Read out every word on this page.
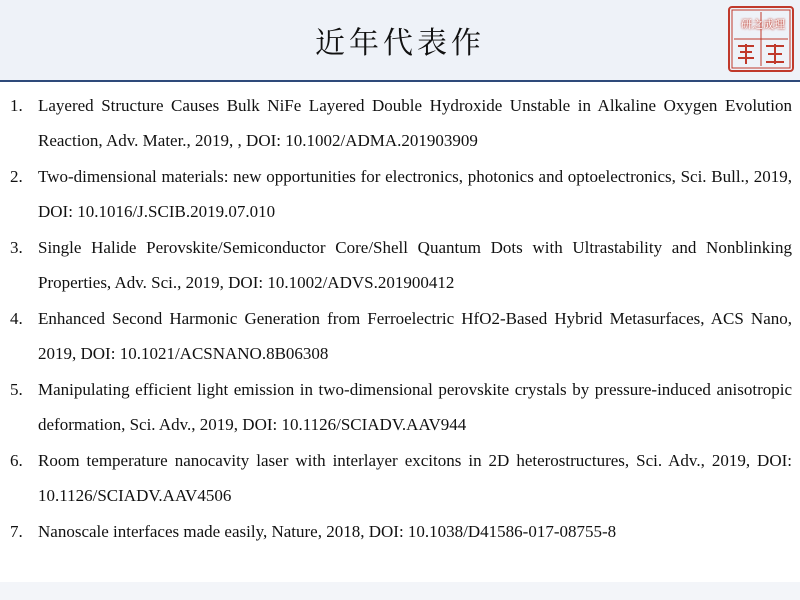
近年代表作
研之成理
1. Layered Structure Causes Bulk NiFe Layered Double Hydroxide Unstable in Alkaline Oxygen Evolution Reaction, Adv. Mater., 2019, , DOI: 10.1002/ADMA.201903909
2. Two-dimensional materials: new opportunities for electronics, photonics and optoelectronics, Sci. Bull., 2019, DOI: 10.1016/J.SCIB.2019.07.010
3. Single Halide Perovskite/Semiconductor Core/Shell Quantum Dots with Ultrastability and Nonblinking Properties, Adv. Sci., 2019, DOI: 10.1002/ADVS.201900412
4. Enhanced Second Harmonic Generation from Ferroelectric HfO2-Based Hybrid Metasurfaces, ACS Nano, 2019, DOI: 10.1021/ACSNANO.8B06308
5. Manipulating efficient light emission in two-dimensional perovskite crystals by pressure-induced anisotropic deformation, Sci. Adv., 2019, DOI: 10.1126/SCIADV.AAV944
6. Room temperature nanocavity laser with interlayer excitons in 2D heterostructures, Sci. Adv., 2019, DOI: 10.1126/SCIADV.AAV4506
7. Nanoscale interfaces made easily, Nature, 2018, DOI: 10.1038/D41586-017-08755-8
